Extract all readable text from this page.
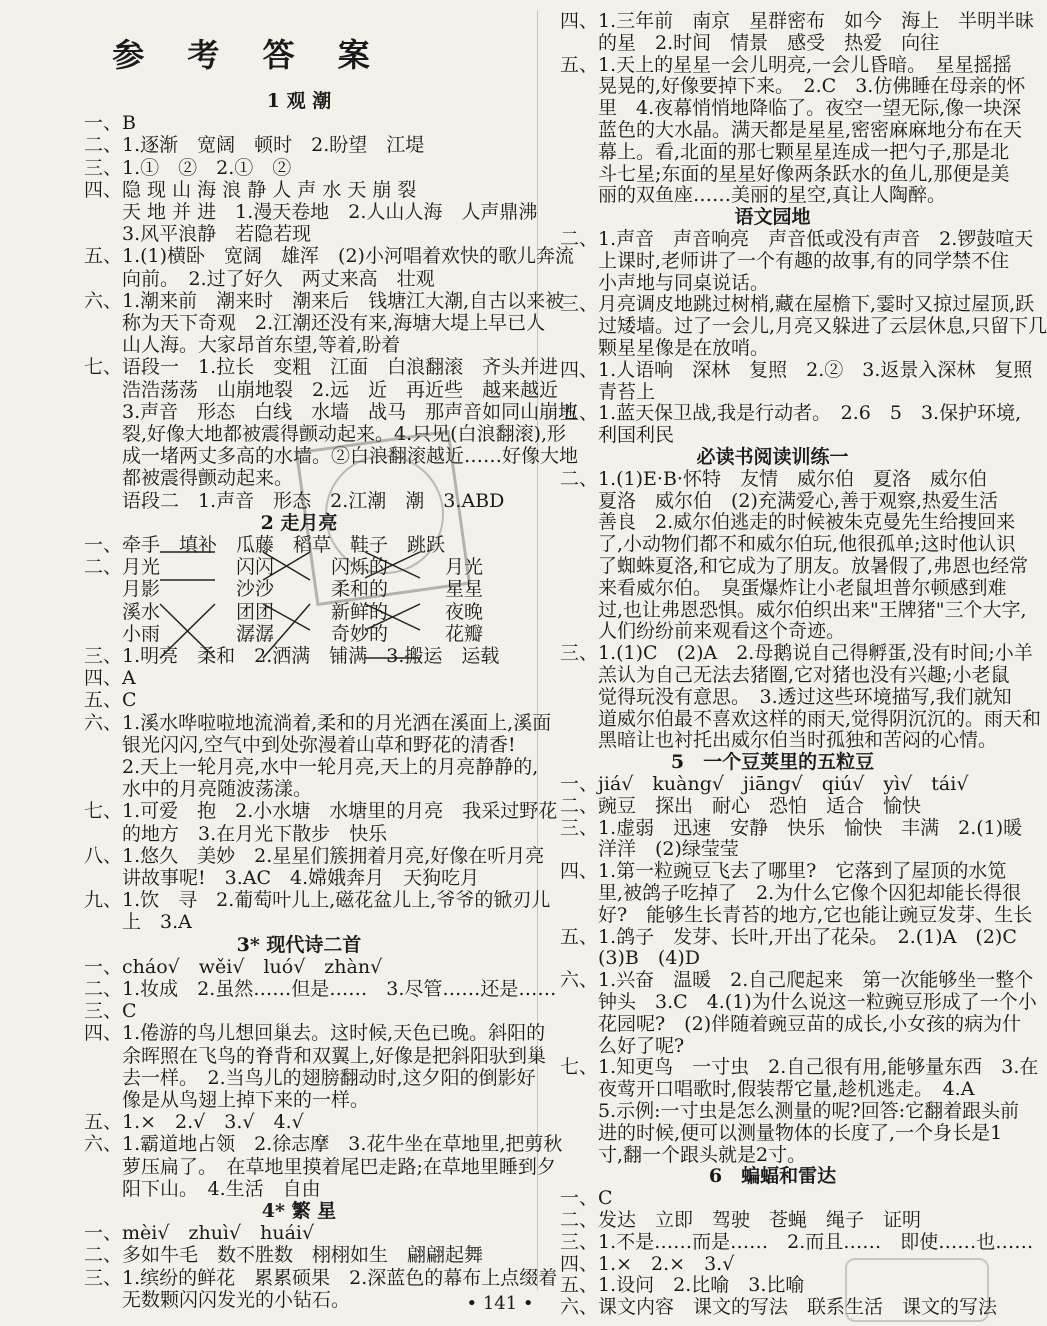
参 考 答 案
1 观 潮
一、B
二、1.逐渐　宽阔　顿时　2.盼望　江堤
三、1.①　②　2.①　②
四、隐 现 山 海 浪 静 人 声 水 天 崩 裂
　　天 地 并 进　1.漫天卷地　2.人山人海　人声鼎沸
　　3.风平浪静　若隐若现
五、1.(1)横卧　宽阔　雄浑　(2)小河唱着欢快的歌儿奔流
　　向前。　2.过了好久　两丈来高　壮观
六、1.潮来前　潮来时　潮来后　钱塘江大潮,自古以来被
　　称为天下奇观　2.江潮还没有来,海塘大堤上早已人
　　山人海。大家昂首东望,等着,盼着
七、语段一　1.拉长　变粗　江面　白浪翻滚　齐头并进
　　浩浩荡荡　山崩地裂　2.远　近　再近些　越来越近
　　3.声音　形态　白线　水墙　战马　那声音如同山崩地
　　裂,好像大地都被震得颤动起来。4.只见(白浪翻滚),形
　　成一堵两丈多高的水墙。②白浪翻滚越近……好像大地
　　都被震得颤动起来。
　　语段二　1.声音　形态　2.江潮　潮　3.ABD
2 走月亮
一、牵手　填补　瓜藤　稻草　鞋子　跳跃
二、月光　　　　闪闪　　　闪烁的　　　月光
　　月影　　　　沙沙　　　柔和的　　　星星
　　溪水　　　　团团　　　新鲜的　　　夜晚
　　小雨　　　　潺潺　　　奇妙的　　　花瓣
三、1.明亮　柔和　2.洒满　铺满　3.搬运　运载
四、A
五、C
六、1.溪水哗啦啦地流淌着,柔和的月光洒在溪面上,溪面
　　银光闪闪,空气中到处弥漫着山草和野花的清香!
　　2.天上一轮月亮,水中一轮月亮,天上的月亮静静的,
　　水中的月亮随波荡漾。
七、1.可爱　抱　2.小水塘　水塘里的月亮　我采过野花
　　的地方　3.在月光下散步　快乐
八、1.悠久　美妙　2.星星们簇拥着月亮,好像在听月亮
　　讲故事呢!　3.AC　4.嫦娥奔月　天狗吃月
九、1.饮　寻　2.葡萄叶儿上,磁花盆儿上,爷爷的锨刃儿
　　上　3.A
3* 现代诗二首
一、cháo√　wěi√　luó√　zhàn√
二、1.妆成　2.虽然……但是……　3.尽管……还是……
三、C
四、1.倦游的鸟儿想回巢去。这时候,天色已晚。斜阳的
　　余晖照在飞鸟的脊背和双翼上,好像是把斜阳驮到巢
　　去一样。　2.当鸟儿的翅膀翻动时,这夕阳的倒影好
　　像是从鸟翅上掉下来的一样。
五、1.×　2.√　3.√　4.√
六、1.霸道地占领　2.徐志摩　3.花牛坐在草地里,把剪秋
　　萝压扁了。　在草地里摸着尾巴走路;在草地里睡到夕
　　阳下山。　4.生活　自由
4* 繁 星
一、mèi√　zhuì√　huái√
二、多如牛毛　数不胜数　栩栩如生　翩翩起舞
三、1.缤纷的鲜花　累累硕果　2.深蓝色的幕布上点缀着
　　无数颗闪闪发光的小钻石。
四、1.三年前　南京　星群密布　如今　海上　半明半昧
　　的星　2.时间　情景　感受　热爱　向往
五、1.天上的星星一会儿明亮,一会儿昏暗。　星星摇摇
　　晃晃的,好像要掉下来。　2.C　3.仿佛睡在母亲的怀
　　里　4.夜幕悄悄地降临了。夜空一望无际,像一块深
　　蓝色的大水晶。满天都是星星,密密麻麻地分布在天
　　幕上。看,北面的那七颗星星连成一把勺子,那是北
　　斗七星;东面的星星好像两条跃水的鱼儿,那便是美
　　丽的双鱼座……美丽的星空,真让人陶醉。
语文园地
二、1.声音　声音响亮　声音低或没有声音　2.锣鼓喧天
　　上课时,老师讲了一个有趣的故事,有的同学禁不住
　　小声地与同桌说话。
三、月亮调皮地跳过树梢,藏在屋檐下,霎时又掠过屋顶,跃
　　过矮墙。过了一会儿,月亮又躲进了云层休息,只留下几
　　颗星星像是在放哨。
四、1.人语响　深林　复照　2.②　3.返景入深林　复照
　　青苔上
五、1.蓝天保卫战,我是行动者。　2.6　5　3.保护环境,
　　利国利民
必读书阅读训练一
二、1.(1)E·B·怀特　友情　威尔伯　夏洛　威尔伯
　　夏洛　威尔伯　(2)充满爱心,善于观察,热爱生活
　　善良　2.威尔伯逃走的时候被朱克曼先生给捜回来
　　了,小动物们都不和威尔伯玩,他很孤单;这时他认识
　　了蜘蛛夏洛,和它成为了朋友。放暑假了,弗恩也经常
　　来看威尔伯。　臭蛋爆炸让小老鼠坦普尔顿感到难
　　过,也让弗恩恐惧。威尔伯织出来"王牌猪"三个大字,
　　人们纷纷前来观看这个奇迹。
三、1.(1)C　(2)A　2.母鹅说自己得孵蛋,没有时间;小羊
　　羔认为自己无法去猪圈,它对猪也没有兴趣;小老鼠
　　觉得玩没有意思。　3.透过这些环境描写,我们就知
　　道威尔伯最不喜欢这样的雨天,觉得阴沉沉的。雨天和
　　黑暗让也衬托出威尔伯当时孤独和苦闷的心情。
5　一个豆荚里的五粒豆
一、jiá√　kuàng√　jiāng√　qiú√　yì√　tái√
二、豌豆　探出　耐心　恐怕　适合　愉快
三、1.虚弱　迅速　安静　快乐　愉快　丰满　2.(1)暖
　　洋洋　(2)绿莹莹
四、1.第一粒豌豆飞去了哪里?　它落到了屋顶的水笕
　　里,被鸽子吃掉了　2.为什么它像个囚犯却能长得很
　　好?　能够生长青苔的地方,它也能让豌豆发芽、生长
五、1.鸽子　发芽、长叶,开出了花朵。　2.(1)A　(2)C
　　(3)B　(4)D
六、1.兴奋　温暖　2.自己爬起来　第一次能够坐一整个
　　钟头　3.C　4.(1)为什么说这一粒豌豆形成了一个小
　　花园呢?　(2)伴随着豌豆苗的成长,小女孩的病为什
　　么好了呢?
七、1.知更鸟　一寸虫　2.自己很有用,能够量东西　3.在
　　夜莺开口唱歌时,假装帮它量,趁机逃走。　4.A
　　5.示例:一寸虫是怎么测量的呢?回答:它翻着跟头前
　　进的时候,便可以测量物体的长度了,一个身长是1
　　寸,翻一个跟头就是2寸。
6　蝙蝠和雷达
一、C
二、发达　立即　驾驶　苍蝇　绳子　证明
三、1.不是……而是……　2.而且……　即使……也……
四、1.×　2.×　3.√
五、1.设问　2.比喻　3.比喻
六、课文内容　课文的写法　联系生活　课文的写法
• 141 •
